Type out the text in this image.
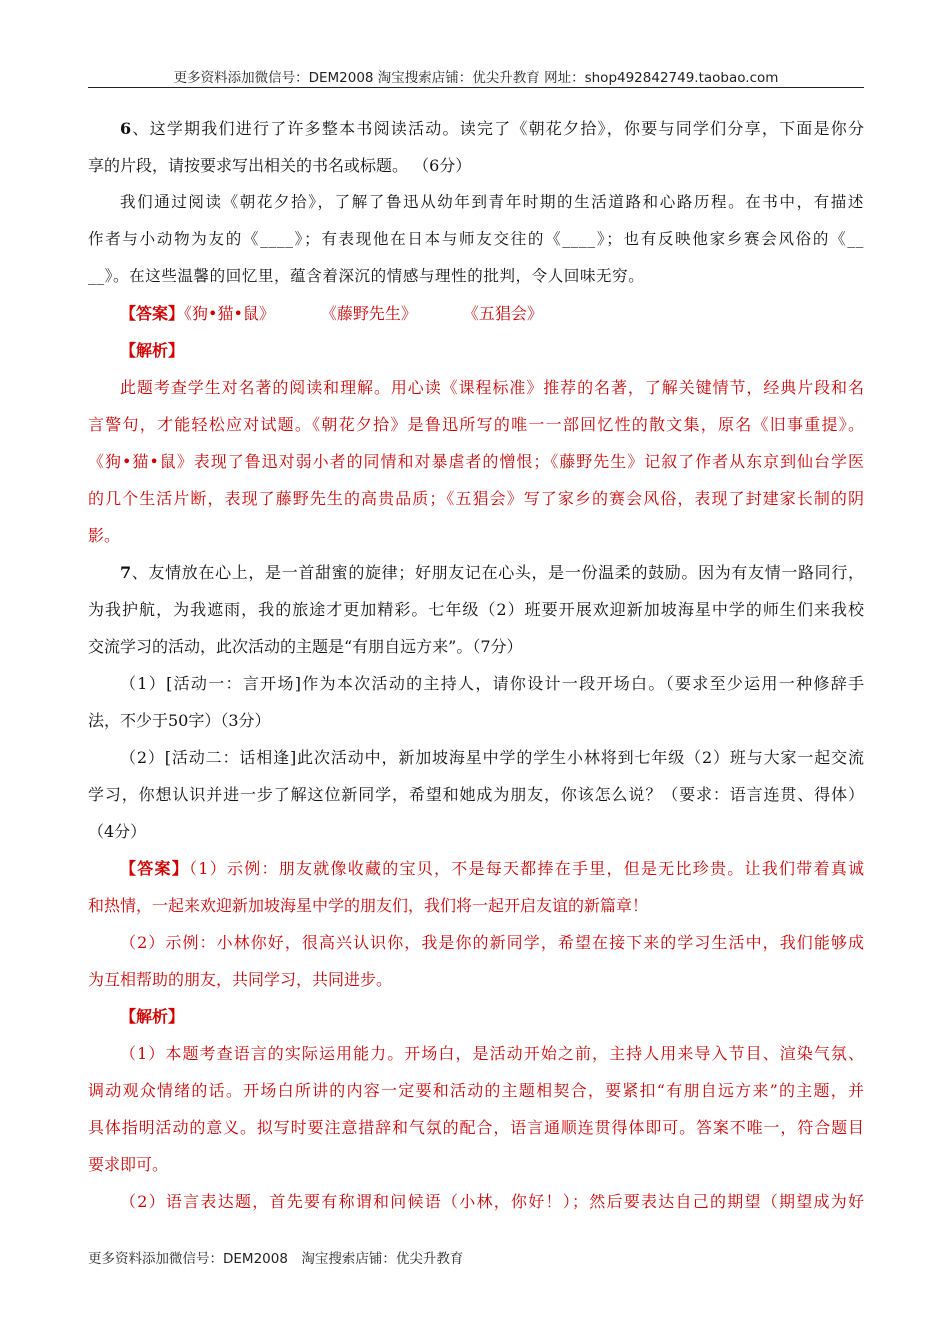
更多资料添加微信号：DEM2008 淘宝搜索店铺：优尖升教育 网址：shop492842749.taobao.com
6、这学期我们进行了许多整本书阅读活动。读完了《朝花夕拾》，你要与同学们分享，下面是你分
享的片段，请按要求写出相关的书名或标题。 （6分）
我们通过阅读《朝花夕拾》，了解了鲁迅从幼年到青年时期的生活道路和心路历程。在书中，有描述
作者与小动物为友的《____》；有表现他在日本与师友交往的《____》；也有反映他家乡赛会风俗的《__
__》。在这些温馨的回忆里，蕴含着深沉的情感与理性的批判，令人回味无穷。
【答案】《狗•猫•鼠》	《藤野先生》	《五猖会》
【解析】
此题考查学生对名著的阅读和理解。用心读《课程标准》推荐的名著，了解关键情节，经典片段和名
言警句，才能轻松应对试题。《朝花夕拾》是鲁迅所写的唯一一部回忆性的散文集，原名《旧事重提》。
《狗•猫•鼠》表现了鲁迅对弱小者的同情和对暴虐者的憎恨；《藤野先生》记叙了作者从东京到仙台学医
的几个生活片断，表现了藤野先生的高贵品质；《五猖会》写了家乡的赛会风俗，表现了封建家长制的阴
影。
7、友情放在心上，是一首甜蜜的旋律；好朋友记在心头，是一份温柔的鼓励。因为有友情一路同行，
为我护航，为我遮雨，我的旅途才更加精彩。七年级（2）班要开展欢迎新加坡海星中学的师生们来我校
交流学习的活动，此次活动的主题是“有朋自远方来”。（7分）
（1）[活动一：言开场]作为本次活动的主持人，请你设计一段开场白。（要求至少运用一种修辞手
法，不少于50字）（3分）
（2）[活动二：话相逢]此次活动中，新加坡海星中学的学生小林将到七年级（2）班与大家一起交流
学习，你想认识并进一步了解这位新同学，希望和她成为朋友，你该怎么说？（要求：语言连贯、得体）
（4分）
【答案】（1）示例：朋友就像收藏的宝贝，不是每天都捧在手里，但是无比珍贵。让我们带着真诚
和热情，一起来欢迎新加坡海星中学的朋友们，我们将一起开启友谊的新篇章！
（2）示例：小林你好，很高兴认识你，我是你的新同学，希望在接下来的学习生活中，我们能够成
为互相帮助的朋友，共同学习，共同进步。
【解析】
（1）本题考查语言的实际运用能力。开场白，是活动开始之前，主持人用来导入节目、渲染气氛、
调动观众情绪的话。开场白所讲的内容一定要和活动的主题相契合，要紧扣“有朋自远方来”的主题，并
具体指明活动的意义。拟写时要注意措辞和气氛的配合，语言通顺连贯得体即可。答案不唯一，符合题目
要求即可。
（2）语言表达题，首先要有称谓和问候语（小林，你好！）；然后要表达自己的期望（期望成为好
更多资料添加微信号：DEM2008　淘宝搜索店铺：优尖升教育
